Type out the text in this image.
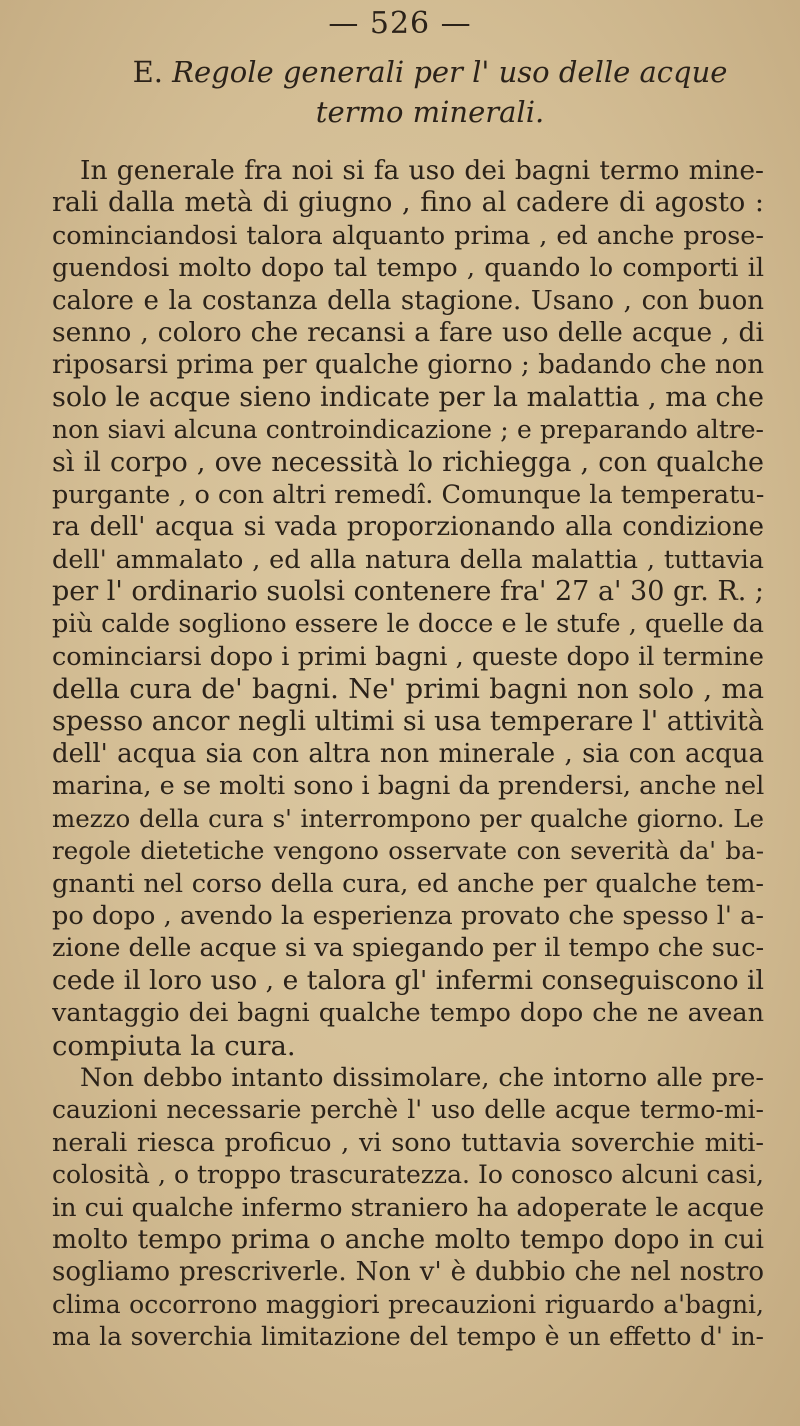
— 526 —
E. Regole generali per l' uso delle acque
termo minerali.
In generale fra noi si fa uso dei bagni termo mine-
rali dalla metà di giugno , fino al cadere di agosto :
cominciandosi talora alquanto prima , ed anche prose-
guendosi molto dopo tal tempo , quando lo comporti il
calore e la costanza della stagione. Usano , con buon
senno , coloro che recansi a fare uso delle acque , di
riposarsi prima per qualche giorno ; badando che non
solo le acque sieno indicate per la malattia , ma che
non siavi alcuna controindicazione ; e preparando altre-
sì il corpo , ove necessità lo richiegga , con qualche
purgante , o con altri remedî. Comunque la temperatu-
ra dell' acqua si vada proporzionando alla condizione
dell' ammalato , ed alla natura della malattia , tuttavia
per l' ordinario suolsi contenere fra' 27 a' 30 gr. R. ;
più calde sogliono essere le docce e le stufe , quelle da
cominciarsi dopo i primi bagni , queste dopo il termine
della cura de' bagni. Ne' primi bagni non solo , ma
spesso ancor negli ultimi si usa temperare l' attività
dell' acqua sia con altra non minerale , sia con acqua
marina, e se molti sono i bagni da prendersi, anche nel
mezzo della cura s' interrompono per qualche giorno. Le
regole dietetiche vengono osservate con severità da' ba-
gnanti nel corso della cura, ed anche per qualche tem-
po dopo , avendo la esperienza provato che spesso l' a-
zione delle acque si va spiegando per il tempo che suc-
cede il loro uso , e talora gl' infermi conseguiscono il
vantaggio dei bagni qualche tempo dopo che ne avean
compiuta la cura.
Non debbo intanto dissimolare, che intorno alle pre-
cauzioni necessarie perchè l' uso delle acque termo-mi-
nerali riesca proficuo , vi sono tuttavia soverchie miti-
colosità , o troppo trascuratezza. Io conosco alcuni casi,
in cui qualche infermo straniero ha adoperate le acque
molto tempo prima o anche molto tempo dopo in cui
sogliamo prescriverle. Non v' è dubbio che nel nostro
clima occorrono maggiori precauzioni riguardo a'bagni,
ma la soverchia limitazione del tempo è un effetto d' in-
